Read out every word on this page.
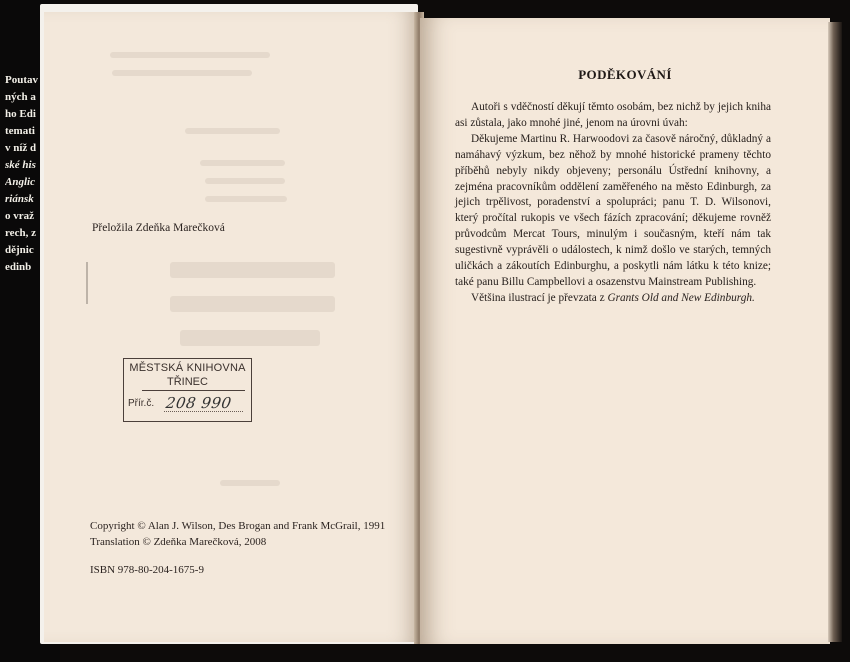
Poutav
ných a
ho Edi
temati
v níž d
ské his
Anglic
riánsk
o vraž
rech, z
dějnic
edinb
Přeložila Zdeňka Marečková
MĚSTSKÁ KNIHOVNA
TŘINEC
Přír.č. 208 990
Copyright © Alan J. Wilson, Des Brogan and Frank McGrail, 1991
Translation © Zdeňka Marečková, 2008
ISBN 978-80-204-1675-9
PODĚKOVÁNÍ

Autoři s vděčností děkují těmto osobám, bez nichž by jejich kniha asi zůstala, jako mnohé jiné, jenom na úrovni úvah:

Děkujeme Martinu R. Harwoodovi za časově náročný, důkladný a namáhavý výzkum, bez něhož by mnohé historické prameny těchto příběhů nebyly nikdy objeveny; personálu Ústřední knihovny, a zejména pracovníkům oddělení zaměřeného na město Edinburgh, za jejich trpělivost, poradenství a spolupráci; panu T. D. Wilsonovi, který pročítal rukopis ve všech fázích zpracování; děkujeme rovněž průvodcům Mercat Tours, minulým i současným, kteří nám tak sugestivně vyprávěli o událostech, k nimž došlo ve starých, temných uličkách a zákoutích Edinburghu, a poskytli nám látku k této knize; také panu Billu Campbellovi a osazenstvu Mainstream Publishing.

Většina ilustrací je převzata z Grants Old and New Edinburgh.
